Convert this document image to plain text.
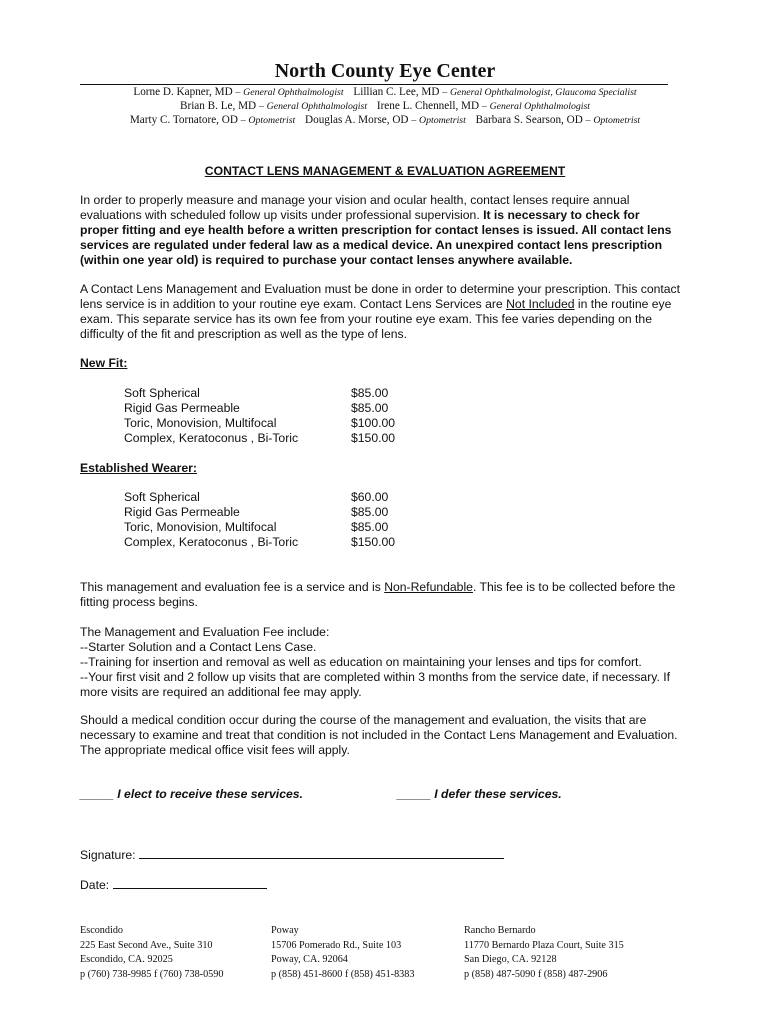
North County Eye Center
Lorne D. Kapner, MD – General Ophthalmologist Lillian C. Lee, MD – General Ophthalmologist, Glaucoma Specialist
Brian B. Le, MD – General Ophthalmologist Irene L. Chennell, MD – General Ophthalmologist
Marty C. Tornatore, OD – Optometrist Douglas A. Morse, OD – Optometrist Barbara S. Searson, OD – Optometrist
CONTACT LENS MANAGEMENT & EVALUATION AGREEMENT
In order to properly measure and manage your vision and ocular health, contact lenses require annual evaluations with scheduled follow up visits under professional supervision. It is necessary to check for proper fitting and eye health before a written prescription for contact lenses is issued. All contact lens services are regulated under federal law as a medical device. An unexpired contact lens prescription (within one year old) is required to purchase your contact lenses anywhere available.
A Contact Lens Management and Evaluation must be done in order to determine your prescription. This contact lens service is in addition to your routine eye exam. Contact Lens Services are Not Included in the routine eye exam. This separate service has its own fee from your routine eye exam. This fee varies depending on the difficulty of the fit and prescription as well as the type of lens.
New Fit:
Soft Spherical	$85.00
Rigid Gas Permeable	$85.00
Toric, Monovision, Multifocal	$100.00
Complex, Keratoconus , Bi-Toric	$150.00
Established Wearer:
Soft Spherical	$60.00
Rigid Gas Permeable	$85.00
Toric, Monovision, Multifocal	$85.00
Complex, Keratoconus , Bi-Toric	$150.00
This management and evaluation fee is a service and is Non-Refundable. This fee is to be collected before the fitting process begins.
The Management and Evaluation Fee include:
--Starter Solution and a Contact Lens Case.
--Training for insertion and removal as well as education on maintaining your lenses and tips for comfort.
--Your first visit and 2 follow up visits that are completed within 3 months from the service date, if necessary. If more visits are required an additional fee may apply.
Should a medical condition occur during the course of the management and evaluation, the visits that are necessary to examine and treat that condition is not included in the Contact Lens Management and Evaluation. The appropriate medical office visit fees will apply.
_____ I elect to receive these services.	_____ I defer these services.
Signature:
Date:
Escondido
225 East Second Ave., Suite 310
Escondido, CA. 92025
p (760) 738-9985 f (760) 738-0590
Poway
15706 Pomerado Rd., Suite 103
Poway, CA. 92064
p (858) 451-8600 f (858) 451-8383
Rancho Bernardo
11770 Bernardo Plaza Court, Suite 315
San Diego, CA. 92128
p (858) 487-5090 f (858) 487-2906
